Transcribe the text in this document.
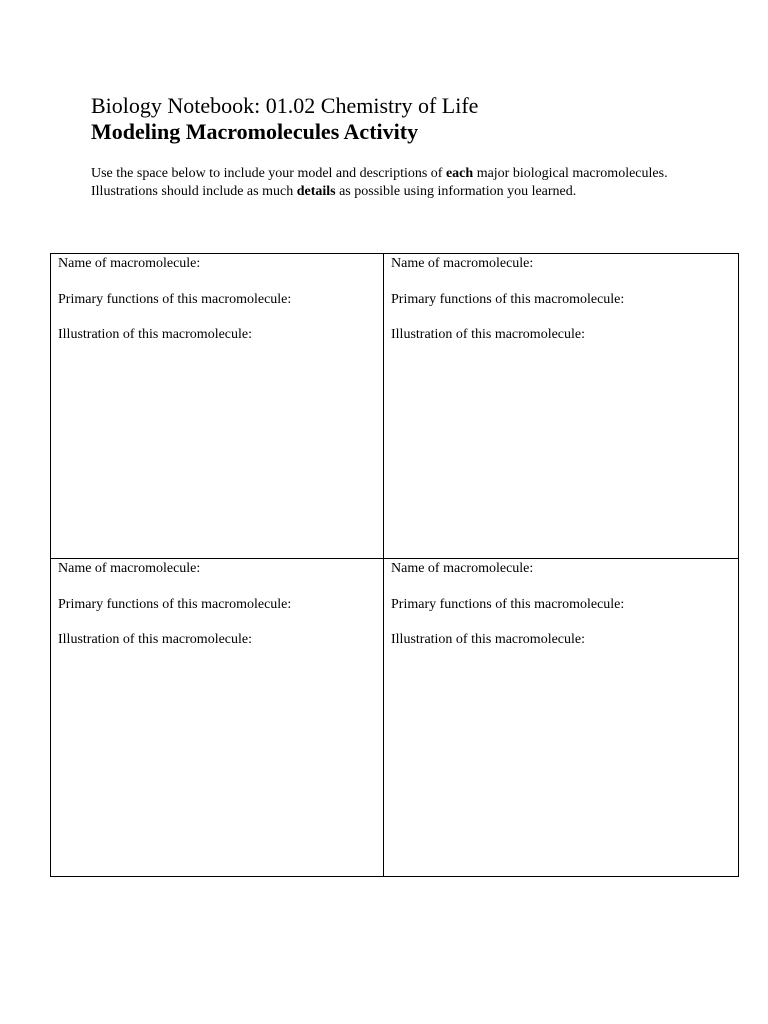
Biology Notebook: 01.02 Chemistry of Life
Modeling Macromolecules Activity

Use the space below to include your model and descriptions of each major biological macromolecules. Illustrations should include as much details as possible using information you learned.

Name of macromolecule:
Primary functions of this macromolecule:
Illustration of this macromolecule:
Name of macromolecule:
Primary functions of this macromolecule:
Illustration of this macromolecule:
Name of macromolecule:
Primary functions of this macromolecule:
Illustration of this macromolecule:
Name of macromolecule:
Primary functions of this macromolecule:
Illustration of this macromolecule:
